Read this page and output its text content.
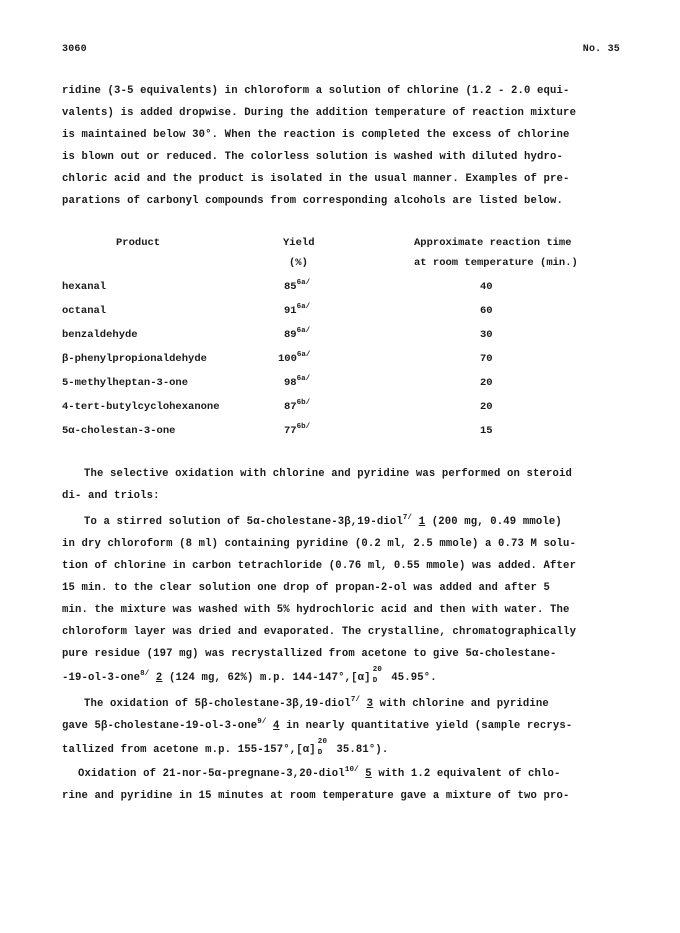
3060	No. 35
ridine (3-5 equivalents) in chloroform a solution of chlorine (1.2 - 2.0 equi-
valents) is added dropwise. During the addition temperature of reaction mixture
is maintained below 30°. When the reaction is completed the excess of chlorine
is blown out or reduced. The colorless solution is washed with diluted hydro-
chloric acid and the product is isolated in the usual manner. Examples of pre-
parations of carbonyl compounds from corresponding alcohols are listed below.
Product	Yield
(%)
Approximate reaction time
at room temperature (min.)
hexanal	$85^{6a/}$	40
octanal	$91^{6a/}$	60
benzaldehyde	$89^{6a/}$	30
β-phenylpropionaldehyde	$100^{6a/}$	70
5-methylheptan-3-one	$98^{6a/}$	20
4-tert-butylcyclohexanone	$87^{6b/}$	20
5α-cholestan-3-one	$77^{6b/}$	15
The selective oxidation with chlorine and pyridine was performed on steroid
di- and triols:
To a stirred solution of 5α-cholestane-3β,19-diol$^{7/}$ 1 (200 mg, 0.49 mmole)
in dry chloroform (8 ml) containing pyridine (0.2 ml, 2.5 mmole) a 0.73 M solu-
tion of chlorine in carbon tetrachloride (0.76 ml, 0.55 mmole) was added. After
15 min. to the clear solution one drop of propan-2-ol was added and after 5
min. the mixture was washed with 5% hydrochloric acid and then with water. The
chloroform layer was dried and evaporated. The crystalline, chromatographically
pure residue (197 mg) was recrystallized from acetone to give 5α-cholestane-
-19-ol-3-one$^{8/}$ 2 (124 mg, 62%) m.p. 144-147°,[α]
20
D 45.95°.
The oxidation of 5β-cholestane-3β,19-diol$^{7/}$ 3 with chlorine and pyridine
gave 5β-cholestane-19-ol-3-one$^{9/}$ 4 in nearly quantitative yield (sample recrys-
tallized from acetone m.p. 155-157°,[α]
20
D 35.81°).
Oxidation of 21-nor-5α-pregnane-3,20-diol$^{10/}$ 5 with 1.2 equivalent of chlo-
rine and pyridine in 15 minutes at room temperature gave a mixture of two pro-
